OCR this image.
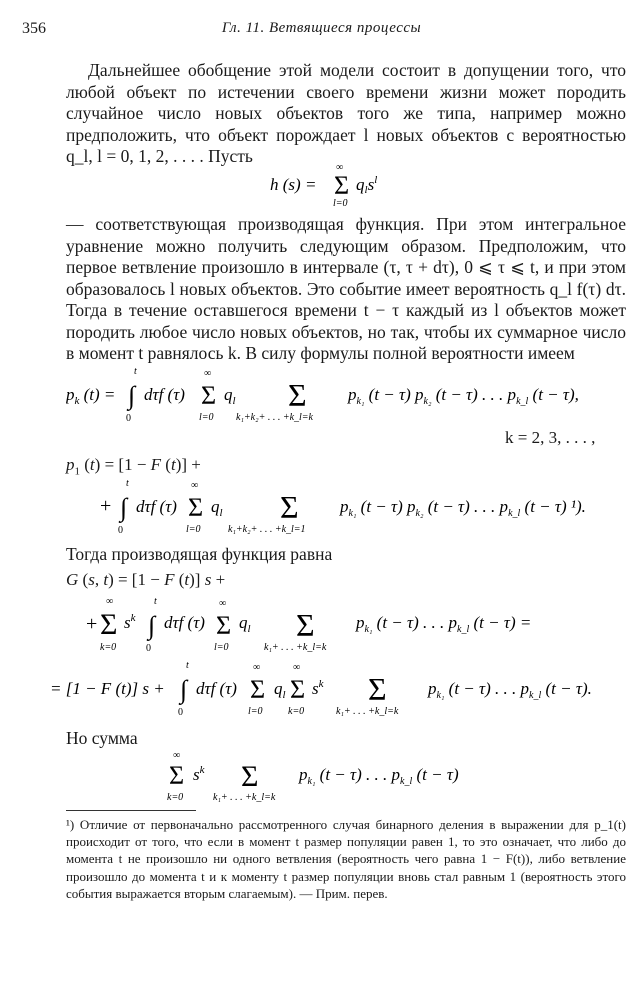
356	Гл. 11. Ветвящиеся процессы

Дальнейшее обобщение этой модели состоит в допущении того, что любой объект по истечении своего времени жизни может породить случайное число новых объектов того же типа, например можно предположить, что объект порождает l новых объектов с вероятностью q_l, l = 0, 1, 2, . . . . Пусть

h (s) = Σ
∞
l=0
qls$^l$

— соответствующая производящая функция. При этом интегральное уравнение можно получить следующим образом. Предположим, что первое ветвление произошло в интервале (τ, τ + dτ), 0 ⩽ τ ⩽ t, и при этом образовалось l новых объектов. Это событие имеет вероятность q_l f(τ) dτ. Тогда в течение оставшегося времени t − τ каждый из l объектов может породить любое число новых объектов, но так, чтобы их суммарное число в момент t равнялось k. В силу формулы полной вероятности имеем

$p_k$ (t) = ∫
t
0
dτf (τ) Σ
∞
l=0
$q_l$ Σ
k₁+k₂+ . . . +k_l=k
$p_{k_1}$ (t − τ) $p_{k_2}$ (t − τ) . . . $p_{k\_l}$ (t − τ),
k = 2, 3, . . . ,
$p_1$ (t) = [1 − F (t)] +
+ ∫
t
0
dτf (τ) Σ
∞
l=0
$q_l$ Σ
k₁+k₂+ . . . +k_l=1
$p_{k_1}$ (t − τ) $p_{k_2}$ (t − τ) . . . $p_{k\_l}$ (t − τ) ¹).

Тогда производящая функция равна

G (s, t) = [1 − F (t)] s +
+ Σ
∞
k=0
$s^k$ ∫
t
0
dτf (τ) Σ
∞
l=0
$q_l$ Σ
k₁+ . . . +k_l=k
$p_{k_1}$ (t − τ) . . . $p_{k\_l}$ (t − τ) =
= [1 − F (t)] s + ∫
t
0
dτf (τ) Σ
∞
l=0
$q_l$ Σ
∞
k=0
$s^k$ Σ
k₁+ . . . +k_l=k
$p_{k_1}$ (t − τ) . . . $p_{k\_l}$ (t − τ).

Но сумма

Σ
∞
k=0
$s^k$ Σ
k₁+ . . . +k_l=k
$p_{k_1}$ (t − τ) . . . $p_{k\_l}$ (t − τ)

¹) Отличие от первоначально рассмотренного случая бинарного деления в выражении для p_1(t) происходит от того, что если в момент t размер популяции равен 1, то это означает, что либо до момента t не произошло ни одного ветвления (вероятность чего равна 1 − F(t)), либо ветвление произошло до момента t и к моменту t размер популяции вновь стал равным 1 (вероятность этого события выражается вторым слагаемым). — Прим. перев.
